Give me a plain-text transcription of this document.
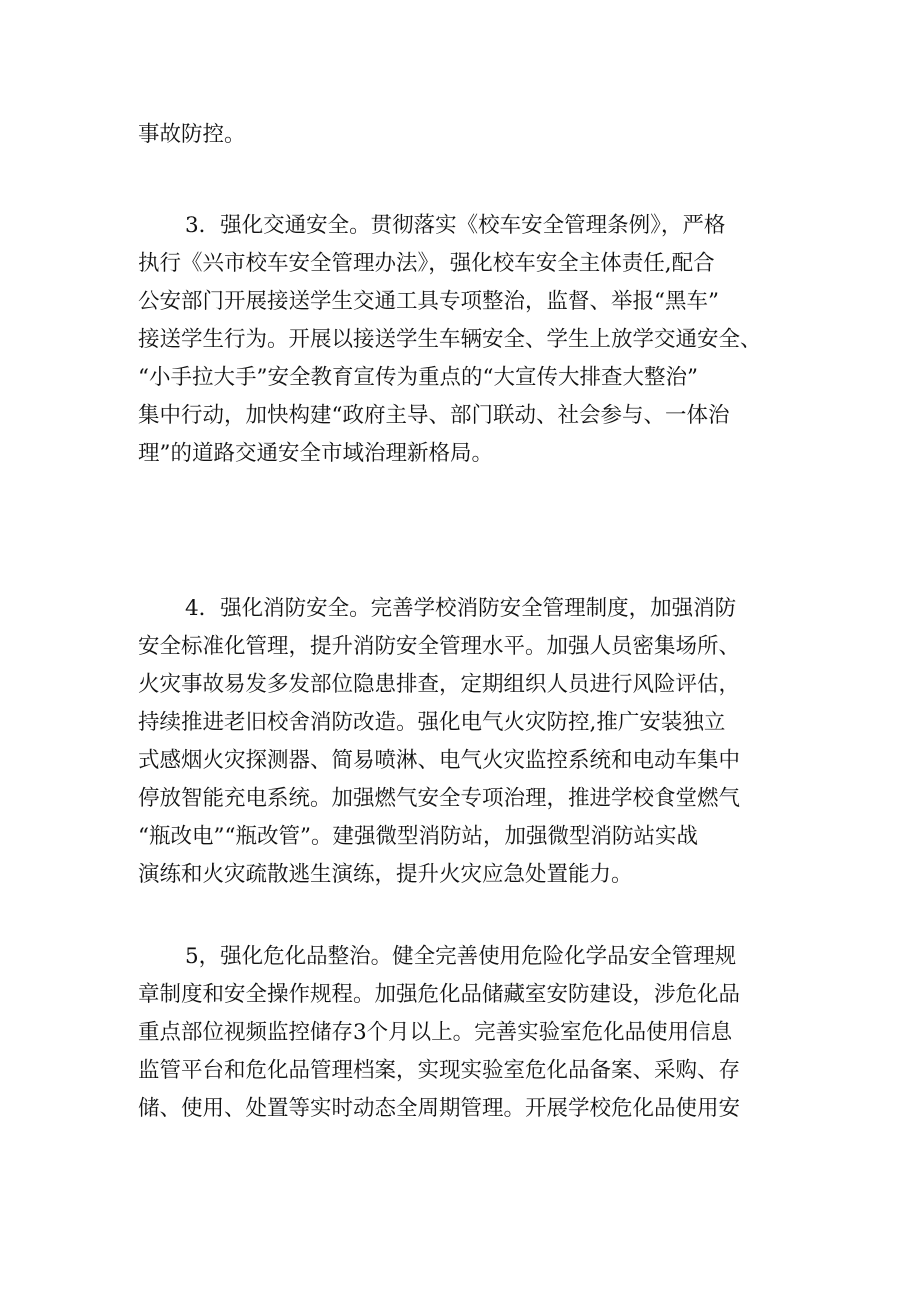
事故防控。

3．强化交通安全。贯彻落实《校车安全管理条例》，严格
执行《兴市校车安全管理办法》，强化校车安全主体责任,配合
公安部门开展接送学生交通工具专项整治，监督、举报“黑车”
接送学生行为。开展以接送学生车辆安全、学生上放学交通安全、
“小手拉大手”安全教育宣传为重点的“大宣传大排查大整治”
集中行动，加快构建“政府主导、部门联动、社会参与、一体治
理”的道路交通安全市域治理新格局。

4．强化消防安全。完善学校消防安全管理制度，加强消防
安全标准化管理，提升消防安全管理水平。加强人员密集场所、
火灾事故易发多发部位隐患排查，定期组织人员进行风险评估，
持续推进老旧校舍消防改造。强化电气火灾防控,推广安装独立
式感烟火灾探测器、简易喷淋、电气火灾监控系统和电动车集中
停放智能充电系统。加强燃气安全专项治理，推进学校食堂燃气
“瓶改电”“瓶改管”。建强微型消防站，加强微型消防站实战
演练和火灾疏散逃生演练，提升火灾应急处置能力。

5，强化危化品整治。健全完善使用危险化学品安全管理规
章制度和安全操作规程。加强危化品储藏室安防建设，涉危化品
重点部位视频监控储存3个月以上。完善实验室危化品使用信息
监管平台和危化品管理档案，实现实验室危化品备案、采购、存
储、使用、处置等实时动态全周期管理。开展学校危化品使用安
